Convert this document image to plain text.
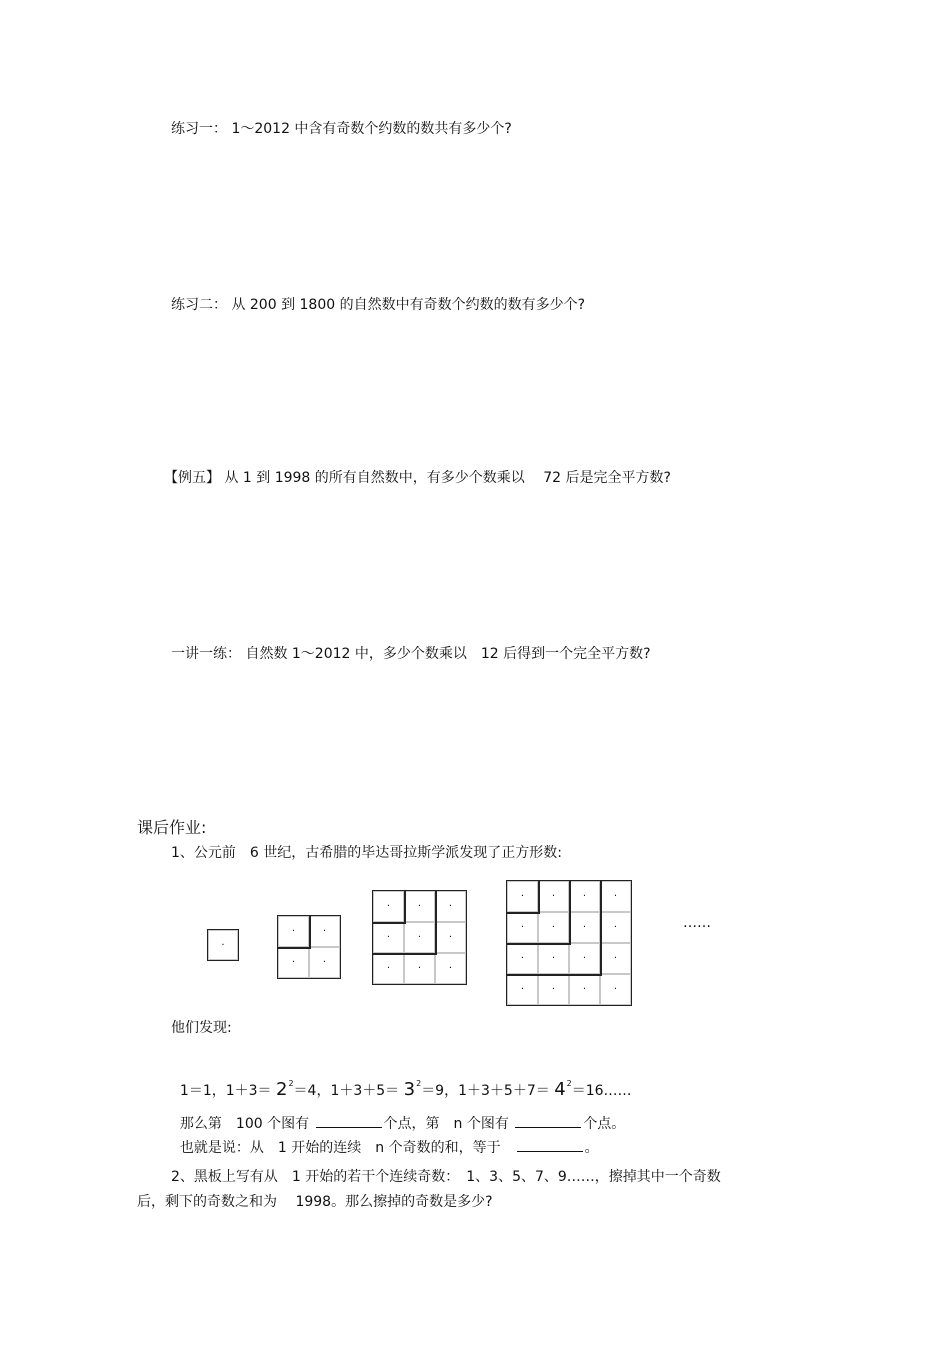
练习一： 1～2012 中含有奇数个约数的数共有多少个?
练习二： 从 200 到 1800 的自然数中有奇数个约数的数有多少个?
【例五】 从 1 到 1998 的所有自然数中，有多少个数乘以　 72 后是完全平方数?
一讲一练： 自然数 1～2012 中，多少个数乘以　12 后得到一个完全平方数?
课后作业:
1、公元前　6 世纪，古希腊的毕达哥拉斯学派发现了正方形数:
·
·	·
·	·
·	·	·
·	·	·
·	·	·
·	·	·	·
·	·	·	·
·	·	·	·
·	·	·	·
……
他们发现:

1＝1，$1+3= 2^2=4$，$1+3+5= 3^2=9$，$1+3+5+7= 4^2=16\dots\dots$

那么第　100 个图有	个点，第　n 个图有	个点。

也就是说：从　1 开始的连续　n 个奇数的和，等于　	。

2、黑板上写有从　1 开始的若干个连续奇数：　1、3、5、7、9……，擦掉其中一个奇数
后，剩下的奇数之和为　 1998。那么擦掉的奇数是多少?
